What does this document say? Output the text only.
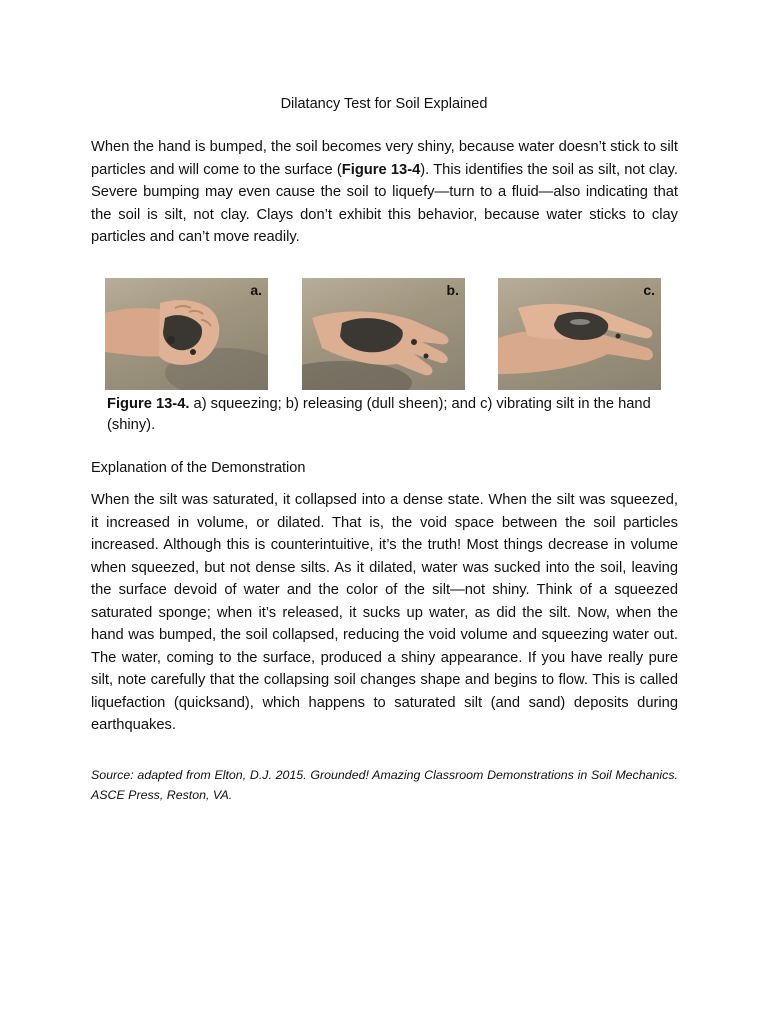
Dilatancy Test for Soil Explained

When the hand is bumped, the soil becomes very shiny, because water doesn’t stick to silt particles and will come to the surface (Figure 13-4). This identifies the soil as silt, not clay. Severe bumping may even cause the soil to liquefy—turn to a fluid—also indicating that the soil is silt, not clay. Clays don’t exhibit this behavior, because water sticks to clay particles and can’t move readily.

a.	b.	c.

Figure 13-4. a) squeezing; b) releasing (dull sheen); and c) vibrating silt in the hand (shiny).

Explanation of the Demonstration

When the silt was saturated, it collapsed into a dense state. When the silt was squeezed, it increased in volume, or dilated. That is, the void space between the soil particles increased. Although this is counterintuitive, it’s the truth! Most things decrease in volume when squeezed, but not dense silts. As it dilated, water was sucked into the soil, leaving the surface devoid of water and the color of the silt—not shiny. Think of a squeezed saturated sponge; when it’s released, it sucks up water, as did the silt. Now, when the hand was bumped, the soil collapsed, reducing the void volume and squeezing water out. The water, coming to the surface, produced a shiny appearance. If you have really pure silt, note carefully that the collapsing soil changes shape and begins to flow. This is called liquefaction (quicksand), which happens to saturated silt (and sand) deposits during earthquakes.

Source: adapted from Elton, D.J. 2015. Grounded! Amazing Classroom Demonstrations in Soil Mechanics. ASCE Press, Reston, VA.
